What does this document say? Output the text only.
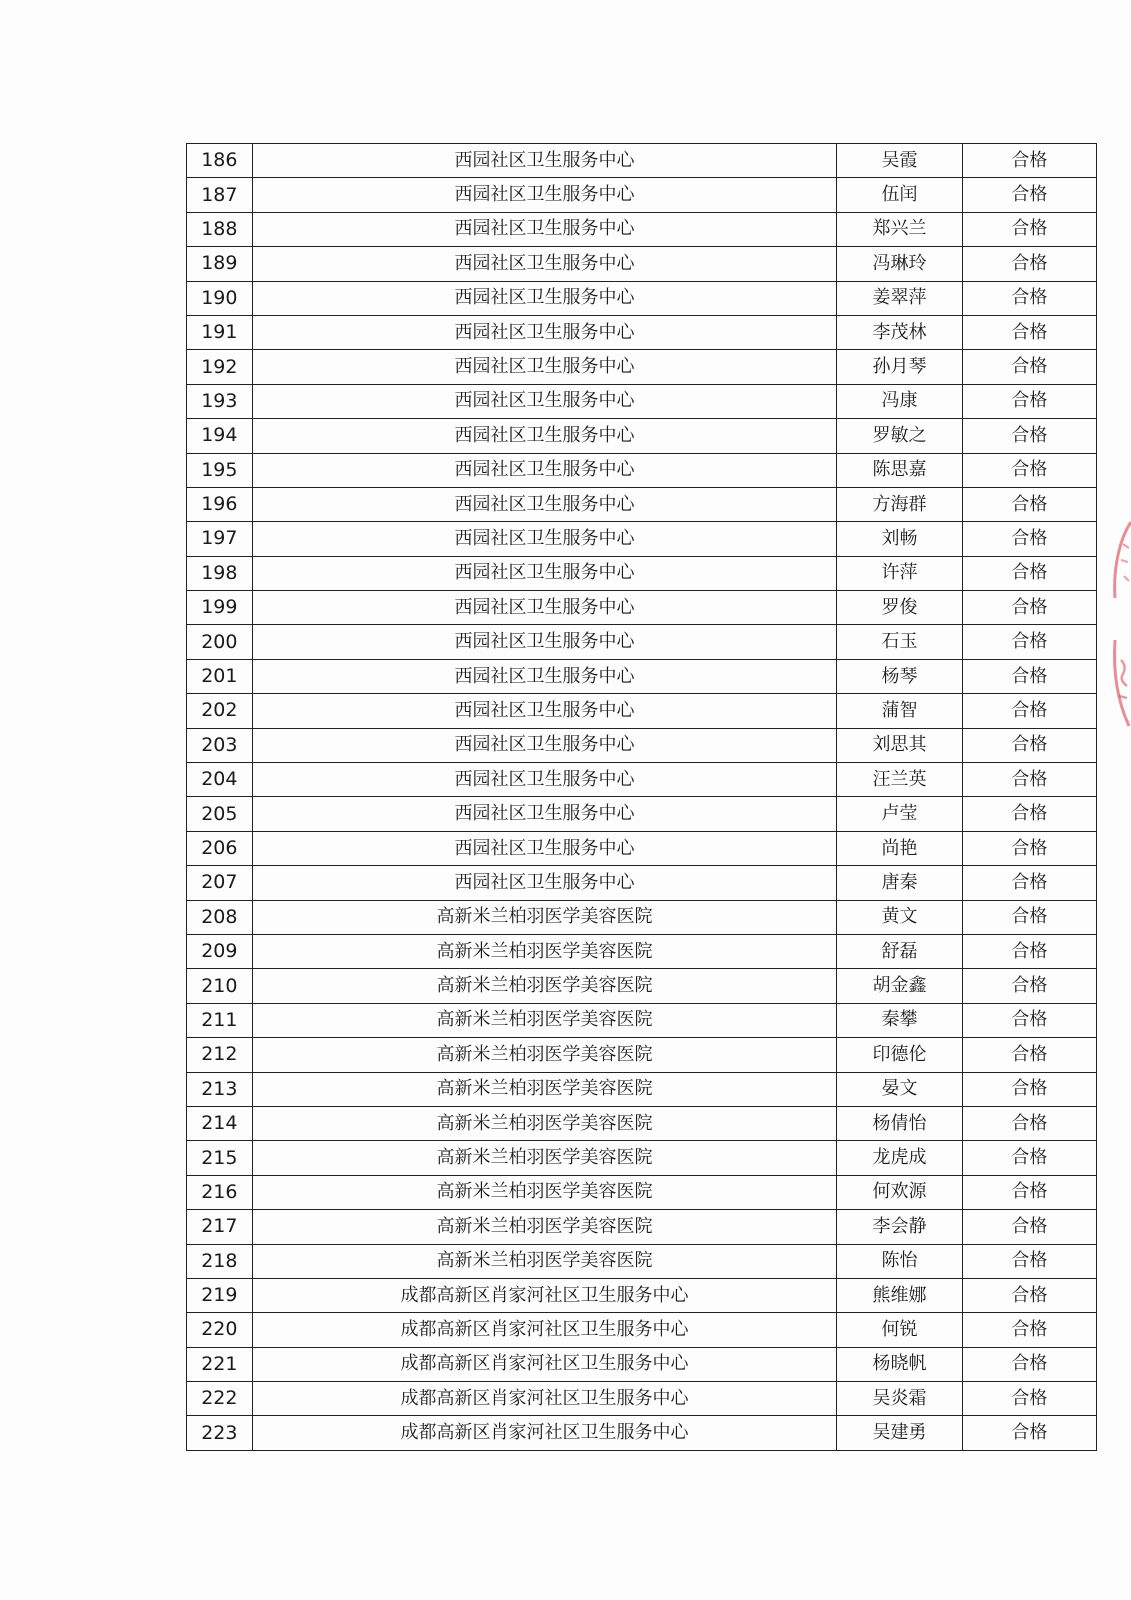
186	西园社区卫生服务中心	吴霞	合格
187	西园社区卫生服务中心	伍闰	合格
188	西园社区卫生服务中心	郑兴兰	合格
189	西园社区卫生服务中心	冯琳玲	合格
190	西园社区卫生服务中心	姜翠萍	合格
191	西园社区卫生服务中心	李茂林	合格
192	西园社区卫生服务中心	孙月琴	合格
193	西园社区卫生服务中心	冯康	合格
194	西园社区卫生服务中心	罗敏之	合格
195	西园社区卫生服务中心	陈思嘉	合格
196	西园社区卫生服务中心	方海群	合格
197	西园社区卫生服务中心	刘畅	合格
198	西园社区卫生服务中心	许萍	合格
199	西园社区卫生服务中心	罗俊	合格
200	西园社区卫生服务中心	石玉	合格
201	西园社区卫生服务中心	杨琴	合格
202	西园社区卫生服务中心	蒲智	合格
203	西园社区卫生服务中心	刘思其	合格
204	西园社区卫生服务中心	汪兰英	合格
205	西园社区卫生服务中心	卢莹	合格
206	西园社区卫生服务中心	尚艳	合格
207	西园社区卫生服务中心	唐秦	合格
208	高新米兰柏羽医学美容医院	黄文	合格
209	高新米兰柏羽医学美容医院	舒磊	合格
210	高新米兰柏羽医学美容医院	胡金鑫	合格
211	高新米兰柏羽医学美容医院	秦攀	合格
212	高新米兰柏羽医学美容医院	印德伦	合格
213	高新米兰柏羽医学美容医院	晏文	合格
214	高新米兰柏羽医学美容医院	杨倩怡	合格
215	高新米兰柏羽医学美容医院	龙虎成	合格
216	高新米兰柏羽医学美容医院	何欢源	合格
217	高新米兰柏羽医学美容医院	李会静	合格
218	高新米兰柏羽医学美容医院	陈怡	合格
219	成都高新区肖家河社区卫生服务中心	熊维娜	合格
220	成都高新区肖家河社区卫生服务中心	何锐	合格
221	成都高新区肖家河社区卫生服务中心	杨晓帆	合格
222	成都高新区肖家河社区卫生服务中心	吴炎霜	合格
223	成都高新区肖家河社区卫生服务中心	吴建勇	合格
